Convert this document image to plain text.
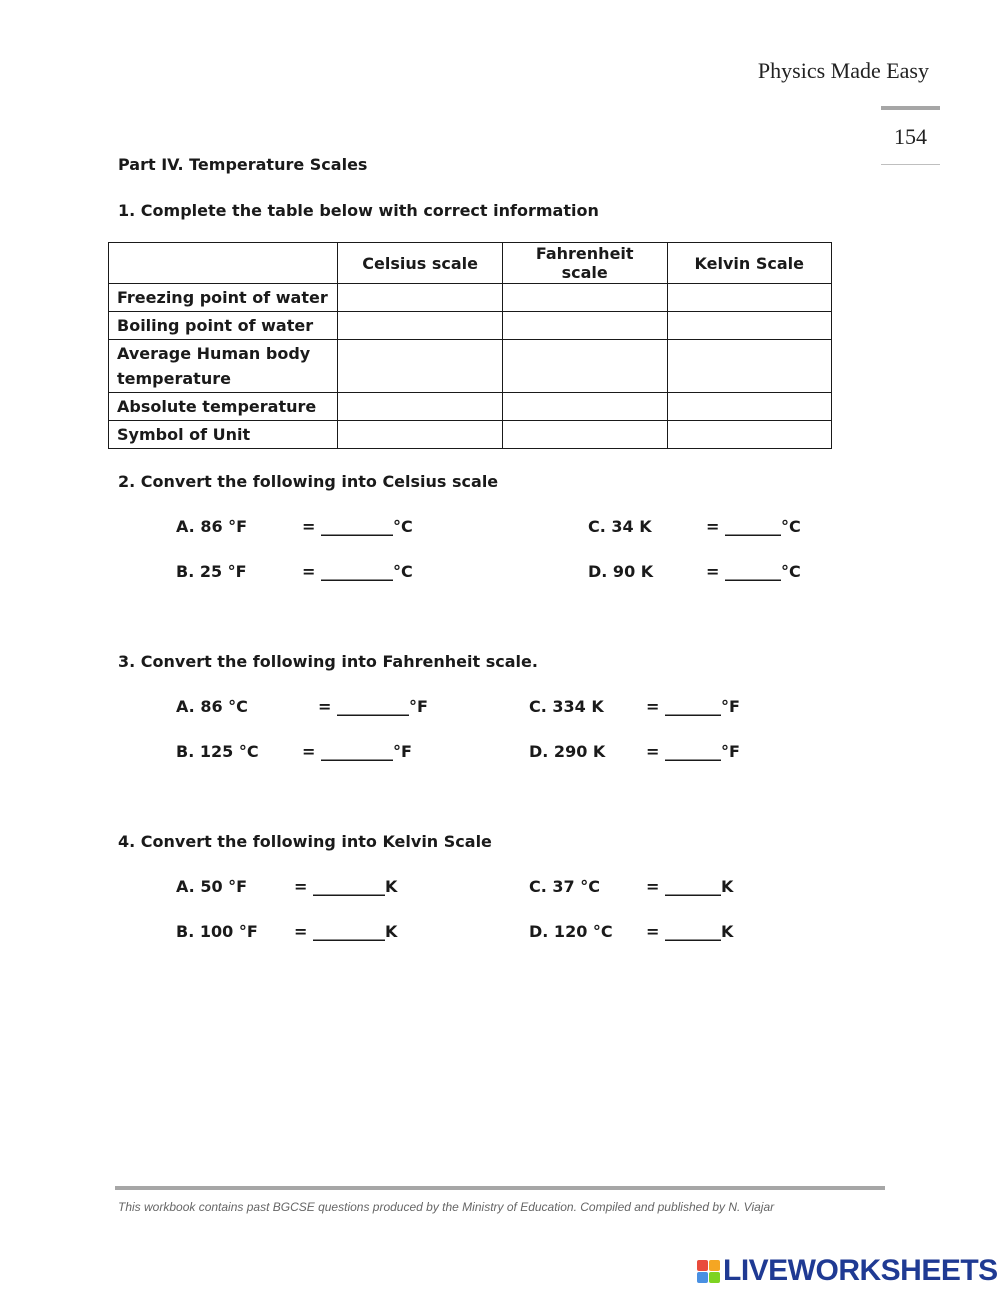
Physics Made Easy
154
Part IV. Temperature Scales
1. Complete the table below with correct information
	Celsius scale	Fahrenheit scale	Kelvin Scale
Freezing point of water			
Boiling point of water			
Average Human body temperature			
Absolute temperature			
Symbol of Unit			
2. Convert the following into Celsius scale
A. 86 °F	= _________°C	C. 34 K	= _______°C
B. 25 °F	= _________°C	D. 90 K	= _______°C
3. Convert the following into Fahrenheit scale.
A. 86 °C	= _________°F	C. 334 K	= _______°F
B. 125 °C	= _________°F	D. 290 K	= _______°F
4. Convert the following into Kelvin Scale
A. 50 °F	= _________K	C. 37 °C	= _______K
B. 100 °F = _________K	D. 120 °C = _______K
This workbook contains past BGCSE questions produced by the Ministry of Education. Compiled and published by N. Viajar
LIVEWORKSHEETS
